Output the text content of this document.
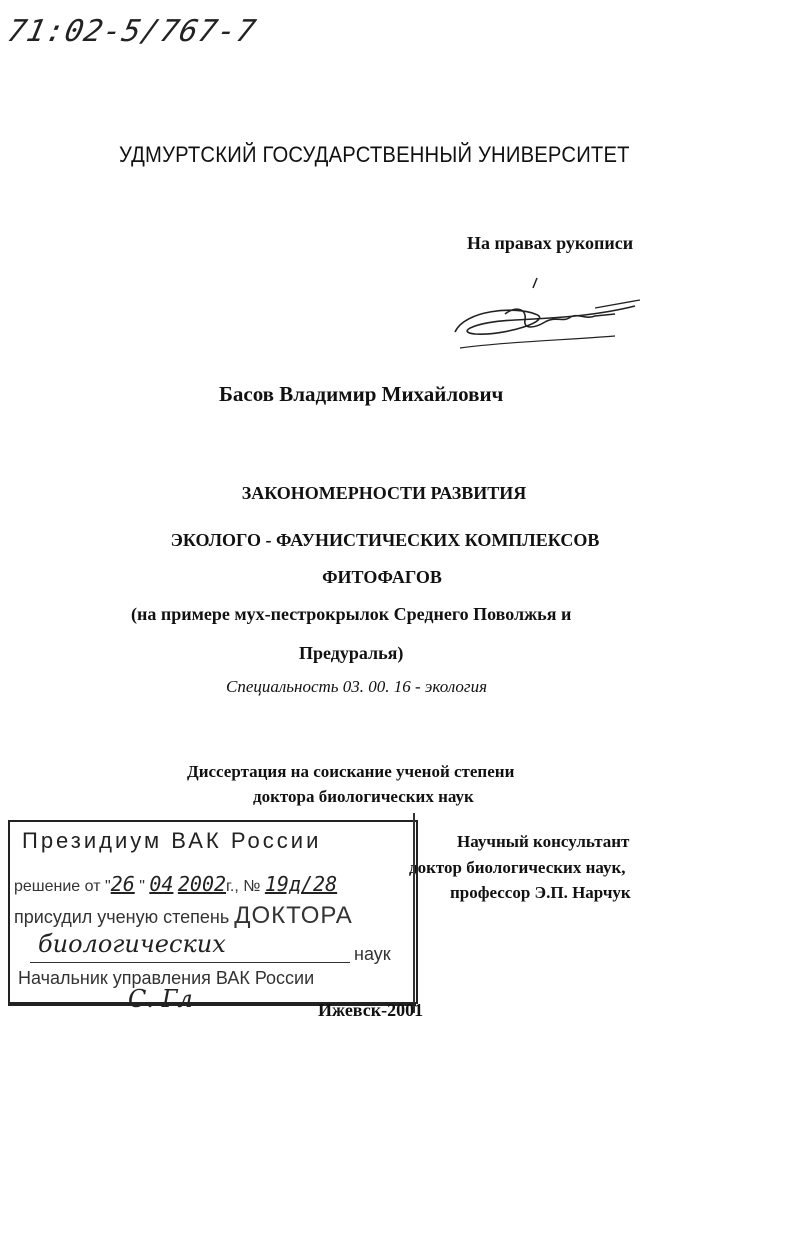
71:02-5/767-7
УДМУРТСКИЙ ГОСУДАРСТВЕННЫЙ УНИВЕРСИТЕТ
На правах рукописи
Басов Владимир Михайлович
ЗАКОНОМЕРНОСТИ РАЗВИТИЯ
ЭКОЛОГО - ФАУНИСТИЧЕСКИХ КОМПЛЕКСОВ
ФИТОФАГОВ
(на примере мух-пестрокрылок Среднего Поволжья и
Предуралья)
Специальность 03. 00. 16 - экология
Диссертация на соискание ученой степени
доктора биологических наук
Научный консультант
доктор биологических наук,
профессор Э.П. Нарчук
Президиум ВАК России
решение от "26 " 04 2002г., № 19д/28
присудил ученую степень ДОКТОРА
биологических	наук
Начальник управления ВАК России
С. Гл	Ижевск-2001
